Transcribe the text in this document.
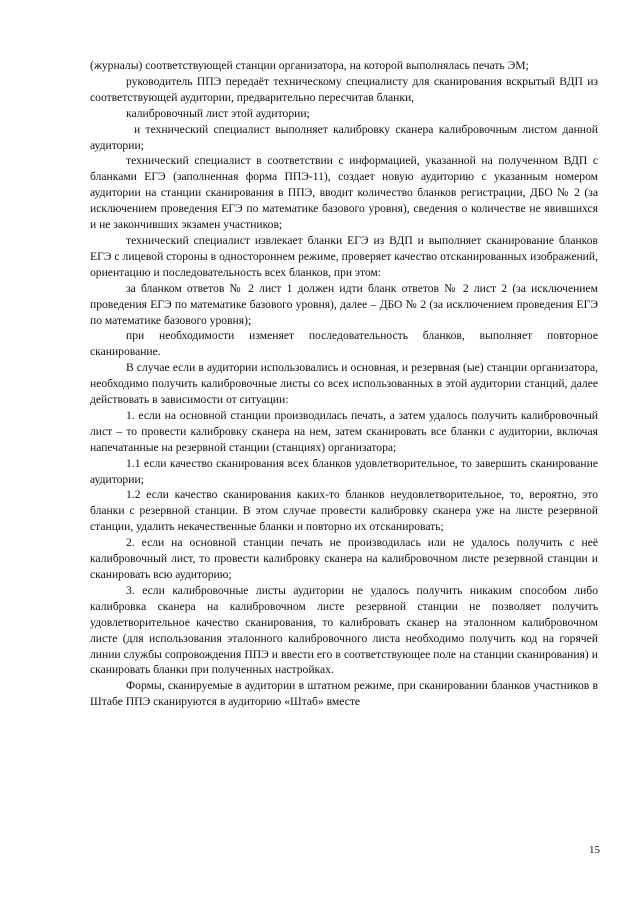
(журналы) соответствующей станции организатора, на которой выполнялась печать ЭМ;

руководитель ППЭ передаёт техническому специалисту для сканирования вскрытый ВДП из соответствующей аудитории, предварительно пересчитав бланки,

калибровочный лист этой аудитории;

и технический специалист выполняет калибровку сканера калибровочным листом данной аудитории;

технический специалист в соответствии с информацией, указанной на полученном ВДП с бланками ЕГЭ (заполненная форма ППЭ-11), создает новую аудиторию с указанным номером аудитории на станции сканирования в ППЭ, вводит количество бланков регистрации, ДБО № 2 (за исключением проведения ЕГЭ по математике базового уровня), сведения о количестве не явившихся и не закончивших экзамен участников;

технический специалист извлекает бланки ЕГЭ из ВДП и выполняет сканирование бланков ЕГЭ с лицевой стороны в одностороннем режиме, проверяет качество отсканированных изображений, ориентацию и последовательность всех бланков, при этом:

за бланком ответов № 2 лист 1 должен идти бланк ответов № 2 лист 2 (за исключением проведения ЕГЭ по математике базового уровня), далее – ДБО № 2 (за исключением проведения ЕГЭ по математике базового уровня);

при необходимости изменяет последовательность бланков, выполняет повторное сканирование.

В случае если в аудитории использовались и основная, и резервная (ые) станции организатора, необходимо получить калибровочные листы со всех использованных в этой аудитории станций, далее действовать в зависимости от ситуации:

1. если на основной станции производилась печать, а затем удалось получить калибровочный лист – то провести калибровку сканера на нем, затем сканировать все бланки с аудитории, включая напечатанные на резервной станции (станциях) организатора;

1.1 если качество сканирования всех бланков удовлетворительное, то завершить сканирование аудитории;

1.2 если качество сканирования каких-то бланков неудовлетворительное, то, вероятно, это бланки с резервной станции. В этом случае провести калибровку сканера уже на листе резервной станции, удалить некачественные бланки и повторно их отсканировать;

2. если на основной станции печать не производилась или не удалось получить с неё калибровочный лист, то провести калибровку сканера на калибровочном листе резервной станции и сканировать всю аудиторию;

3. если калибровочные листы аудитории не удалось получить никаким способом либо калибровка сканера на калибровочном листе резервной станции не позволяет получить удовлетворительное качество сканирования, то калибровать сканер на эталонном калибровочном листе (для использования эталонного калибровочного листа необходимо получить код на горячей линии службы сопровождения ППЭ и ввести его в соответствующее поле на станции сканирования) и сканировать бланки при полученных настройках.

Формы, сканируемые в аудитории в штатном режиме, при сканировании бланков участников в Штабе ППЭ сканируются в аудиторию «Штаб» вместе

15
